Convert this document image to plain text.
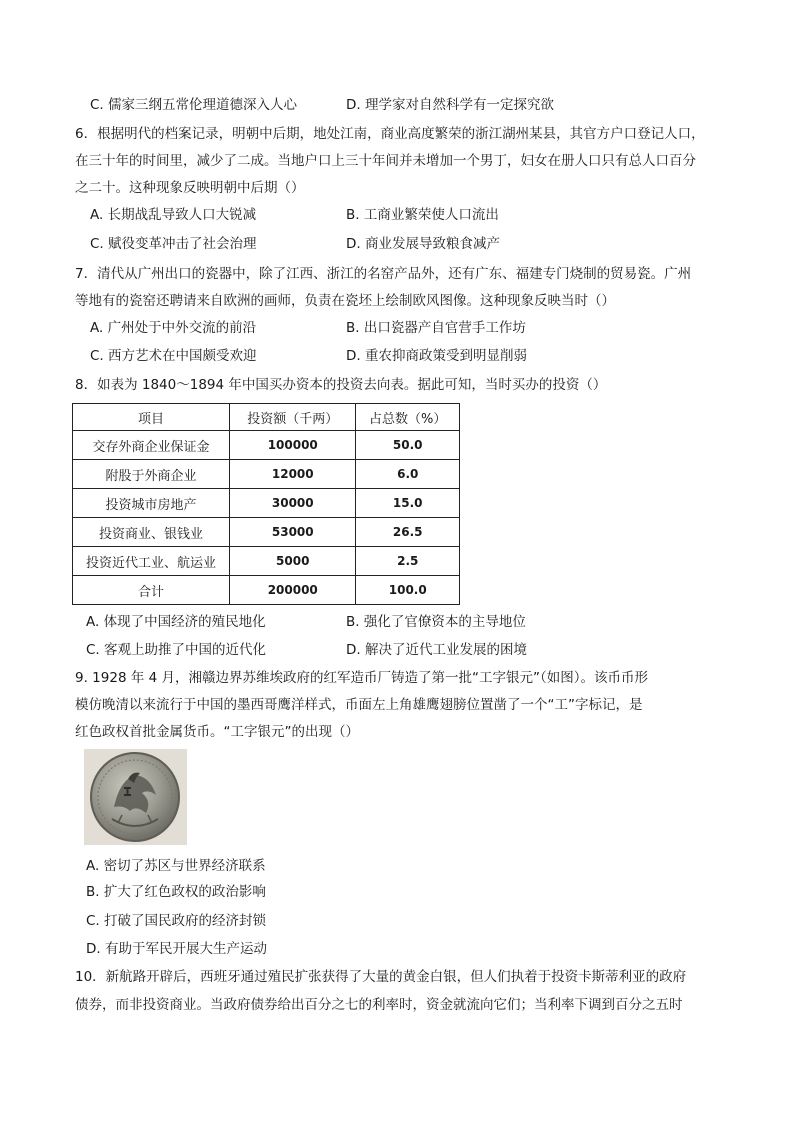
C. 儒家三纲五常伦理道德深入人心	D. 理学家对自然科学有一定探究欲
6．根据明代的档案记录，明朝中后期，地处江南，商业高度繁荣的浙江湖州某县，其官方户口登记人口，
在三十年的时间里，减少了二成。当地户口上三十年间并未增加一个男丁，妇女在册人口只有总人口百分
之二十。这种现象反映明朝中后期（）
A. 长期战乱导致人口大锐减	B. 工商业繁荣使人口流出
C. 赋役变革冲击了社会治理	D. 商业发展导致粮食减产
7．清代从广州出口的瓷器中，除了江西、浙江的名窑产品外，还有广东、福建专门烧制的贸易瓷。广州
等地有的瓷窑还聘请来自欧洲的画师，负责在瓷坯上绘制欧风图像。这种现象反映当时（）
A. 广州处于中外交流的前沿	B. 出口瓷器产自官营手工作坊
C. 西方艺术在中国颇受欢迎	D. 重农抑商政策受到明显削弱
8．如表为 1840～1894 年中国买办资本的投资去向表。据此可知，当时买办的投资（）
项目	投资额（千两）	占总数（%）
交存外商企业保证金	100000	50.0
附股于外商企业	12000	6.0
投资城市房地产	30000	15.0
投资商业、银钱业	53000	26.5
投资近代工业、航运业	5000	2.5
合计	200000	100.0
A. 体现了中国经济的殖民地化	B. 强化了官僚资本的主导地位
C. 客观上助推了中国的近代化	D. 解决了近代工业发展的困境
9. 1928 年 4 月，湘赣边界苏维埃政府的红军造币厂铸造了第一批“工字银元”（如图）。该币币形
模仿晚清以来流行于中国的墨西哥鹰洋样式，币面左上角雄鹰翅膀位置凿了一个“工”字标记，是
红色政权首批金属货币。“工字银元”的出现（）
A. 密切了苏区与世界经济联系
B. 扩大了红色政权的政治影响
C. 打破了国民政府的经济封锁
D. 有助于军民开展大生产运动
10．新航路开辟后，西班牙通过殖民扩张获得了大量的黄金白银，但人们执着于投资卡斯蒂利亚的政府
债券，而非投资商业。当政府债券给出百分之七的利率时，资金就流向它们；当利率下调到百分之五时
